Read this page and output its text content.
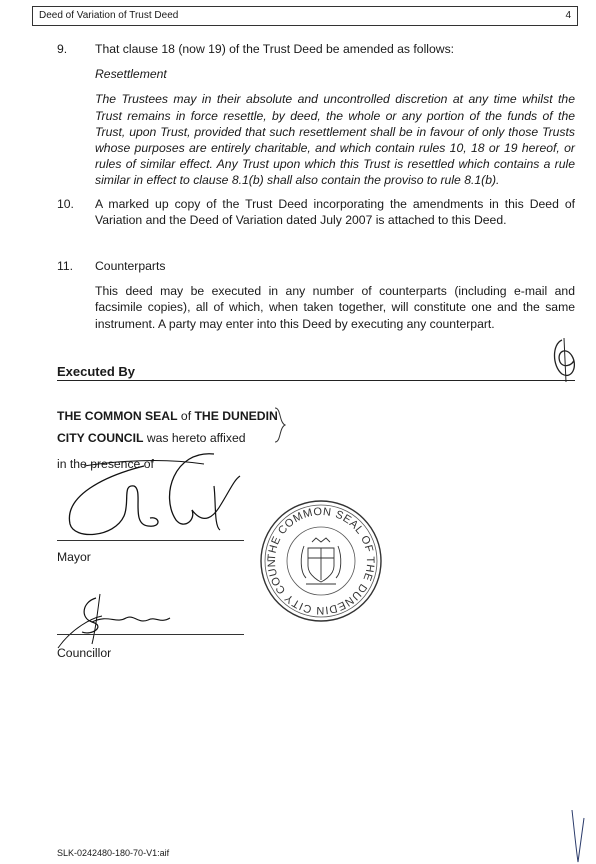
Deed of Variation of Trust Deed	4
9.	That clause 18 (now 19) of the Trust Deed be amended as follows:
Resettlement
The Trustees may in their absolute and uncontrolled discretion at any time whilst the Trust remains in force resettle, by deed, the whole or any portion of the funds of the Trust, upon Trust, provided that such resettlement shall be in favour of only those Trusts whose purposes are entirely charitable, and which contain rules 10, 18 or 19 hereof, or rules of similar effect. Any Trust upon which this Trust is resettled which contains a rule similar in effect to clause 8.1(b) shall also contain the proviso to rule 8.1(b).
10.	A marked up copy of the Trust Deed incorporating the amendments in this Deed of Variation and the Deed of Variation dated July 2007 is attached to this Deed.
11.	Counterparts
This deed may be executed in any number of counterparts (including e-mail and facsimile copies), all of which, when taken together, will constitute one and the same instrument. A party may enter into this Deed by executing any counterpart.
Executed By
THE COMMON SEAL of THE DUNEDIN
CITY COUNCIL was hereto affixed
in the presence of
Mayor
Councillor
THE COMMON SEAL OF THE DUNEDIN CITY COUNCIL
SLK-0242480-180-70-V1:aif
